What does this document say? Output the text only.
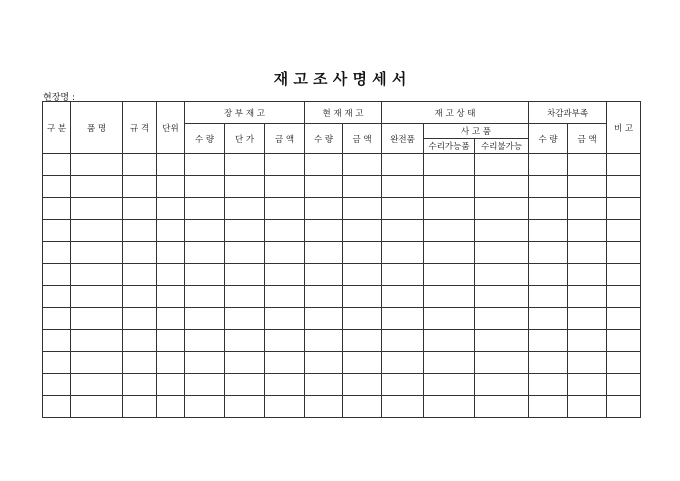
재 고 조 사 명 세 서
현장명 :
구 분	품 명	규 격	단위	장 부 재 고			현 재 재 고		재 고 상 태			차감과부족		비 고
				수 량	단 가	금 액	수 량	금 액	완전품	사 고 품		수 량	금 액	
										수리가능품	수리불가능			
